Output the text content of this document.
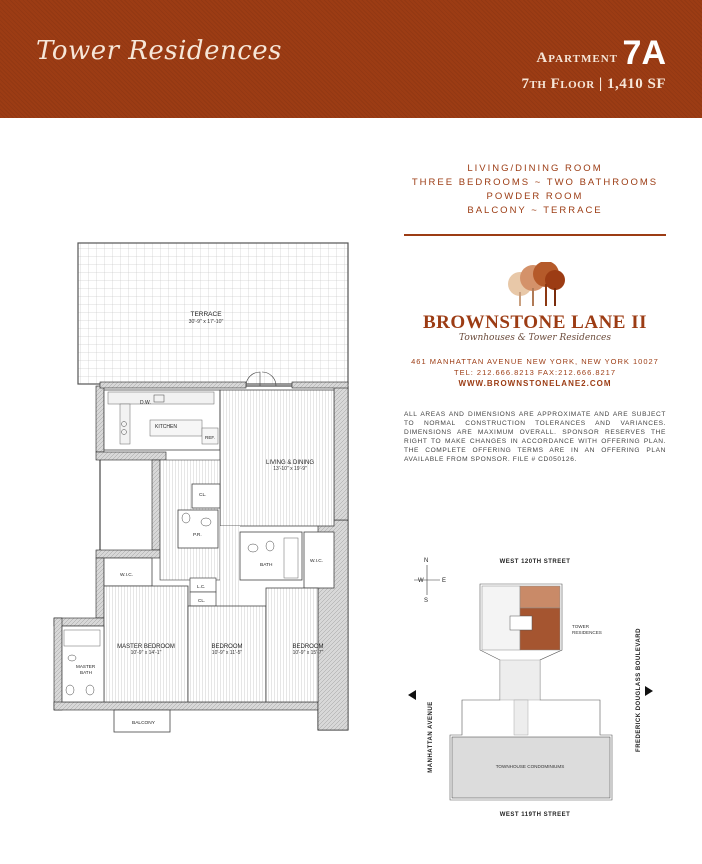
Tower Residences	Apartment 7A
7th Floor | 1,410 SF
LIVING/DINING ROOM
THREE BEDROOMS ~ TWO BATHROOMS
POWDER ROOM
BALCONY ~ TERRACE
BROWNSTONE LANE II
Townhouses & Tower Residences
461 MANHATTAN AVENUE NEW YORK, NEW YORK 10027
TEL: 212.666.8213 FAX:212.666.8217
WWW.BROWNSTONELANE2.COM
ALL AREAS AND DIMENSIONS ARE APPROXIMATE AND ARE SUBJECT TO NORMAL CONSTRUCTION TOLERANCES AND VARIANCES. DIMENSIONS ARE MAXIMUM OVERALL. SPONSOR RESERVES THE RIGHT TO MAKE CHANGES IN ACCORDANCE WITH OFFERING PLAN. THE COMPLETE OFFERING TERMS ARE IN AN OFFERING PLAN AVAILABLE FROM SPONSOR. FILE # CD050126.
TERRACE
30'-9" x 17'-10"
D.W.
KITCHEN
REF.
LIVING & DINING
13'-10" x 19'-9"
CL.
P.R.
BATH
W.I.C.
W.I.C.
L.C.
CL.
MASTER BEDROOM
10'-9" x 14'-1"
BEDROOM
10'-9" x 11'-5"
BEDROOM
10'-9" x 15'-7"
MASTER
BATH
BALCONY
N
S
E
W
WEST 120TH STREET
WEST 119TH STREET
MANHATTAN AVENUE	FREDERICK DOUGLASS BOULEVARD
TOWER
RESIDENCES
TOWNHOUSE CONDOMINIUMS
